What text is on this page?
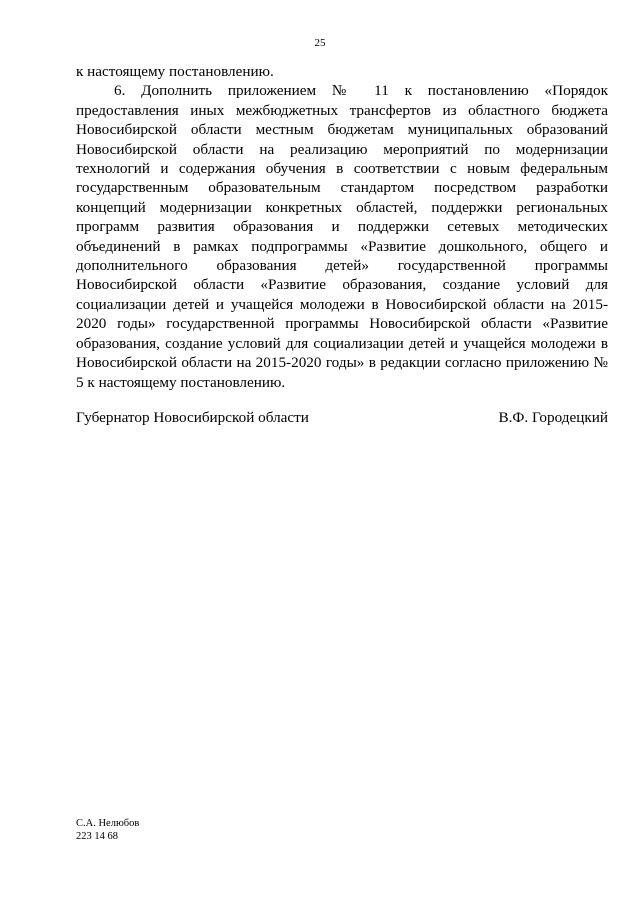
25

к настоящему постановлению.

6. Дополнить приложением № 11 к постановлению «Порядок предоставления иных межбюджетных трансфертов из областного бюджета Новосибирской области местным бюджетам муниципальных образований Новосибирской области на реализацию мероприятий по модернизации технологий и содержания обучения в соответствии с новым федеральным государственным образовательным стандартом посредством разработки концепций модернизации конкретных областей, поддержки региональных программ развития образования и поддержки сетевых методических объединений в рамках подпрограммы «Развитие дошкольного, общего и дополнительного образования детей» государственной программы Новосибирской области «Развитие образования, создание условий для социализации детей и учащейся молодежи в Новосибирской области на 2015-2020 годы» государственной программы Новосибирской области «Развитие образования, создание условий для социализации детей и учащейся молодежи в Новосибирской области на 2015-2020 годы» в редакции согласно приложению № 5 к настоящему постановлению.

Губернатор Новосибирской области	В.Ф. Городецкий
С.А. Нелюбов
223 14 68
